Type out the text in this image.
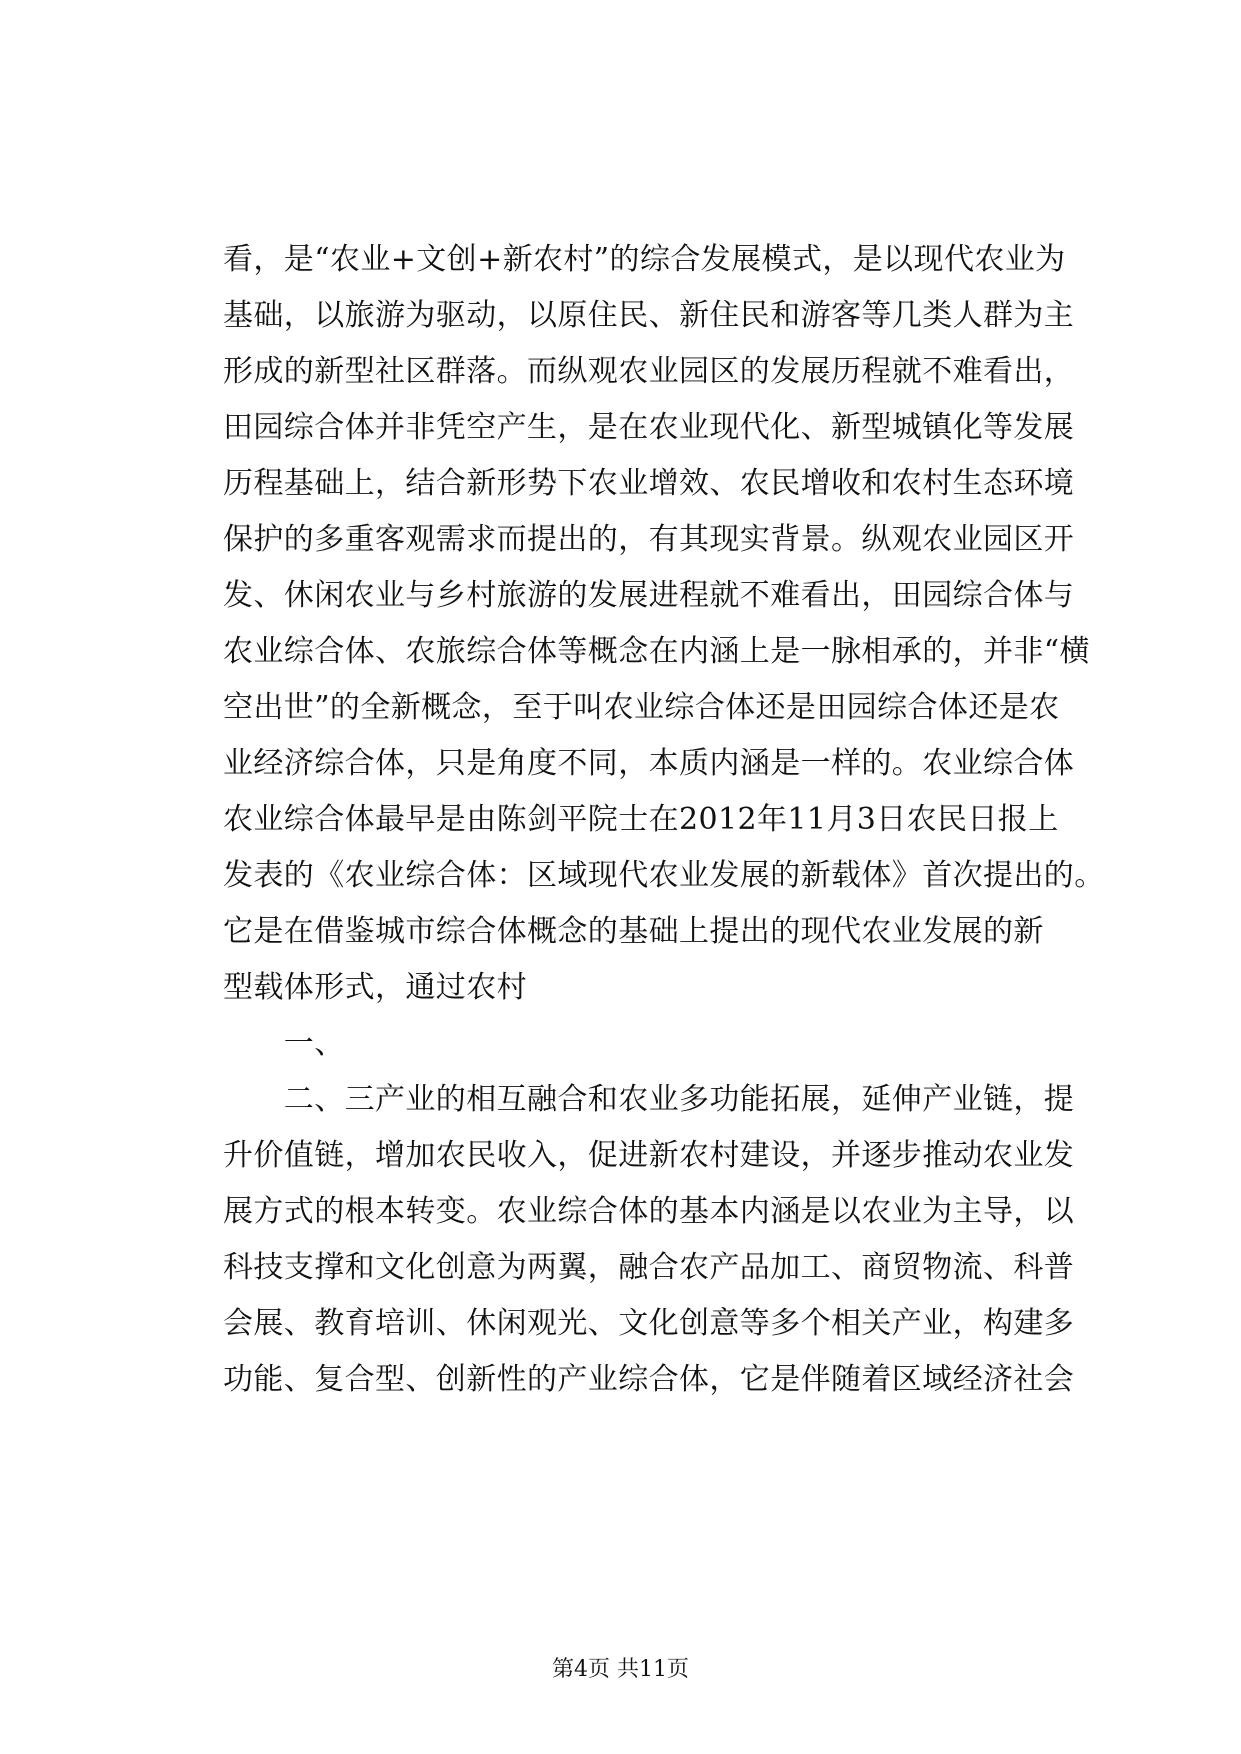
看，是“农业+文创+新农村”的综合发展模式，是以现代农业为
基础，以旅游为驱动，以原住民、新住民和游客等几类人群为主
形成的新型社区群落。而纵观农业园区的发展历程就不难看出，
田园综合体并非凭空产生，是在农业现代化、新型城镇化等发展
历程基础上，结合新形势下农业增效、农民增收和农村生态环境
保护的多重客观需求而提出的，有其现实背景。纵观农业园区开
发、休闲农业与乡村旅游的发展进程就不难看出，田园综合体与
农业综合体、农旅综合体等概念在内涵上是一脉相承的，并非“横
空出世”的全新概念，至于叫农业综合体还是田园综合体还是农
业经济综合体，只是角度不同，本质内涵是一样的。农业综合体
农业综合体最早是由陈剑平院士在2012年11月3日农民日报上
发表的《农业综合体：区域现代农业发展的新载体》首次提出的。
它是在借鉴城市综合体概念的基础上提出的现代农业发展的新
型载体形式，通过农村
　　一、
　　二、三产业的相互融合和农业多功能拓展，延伸产业链，提
升价值链，增加农民收入，促进新农村建设，并逐步推动农业发
展方式的根本转变。农业综合体的基本内涵是以农业为主导，以
科技支撑和文化创意为两翼，融合农产品加工、商贸物流、科普
会展、教育培训、休闲观光、文化创意等多个相关产业，构建多
功能、复合型、创新性的产业综合体，它是伴随着区域经济社会
第4页 共11页
